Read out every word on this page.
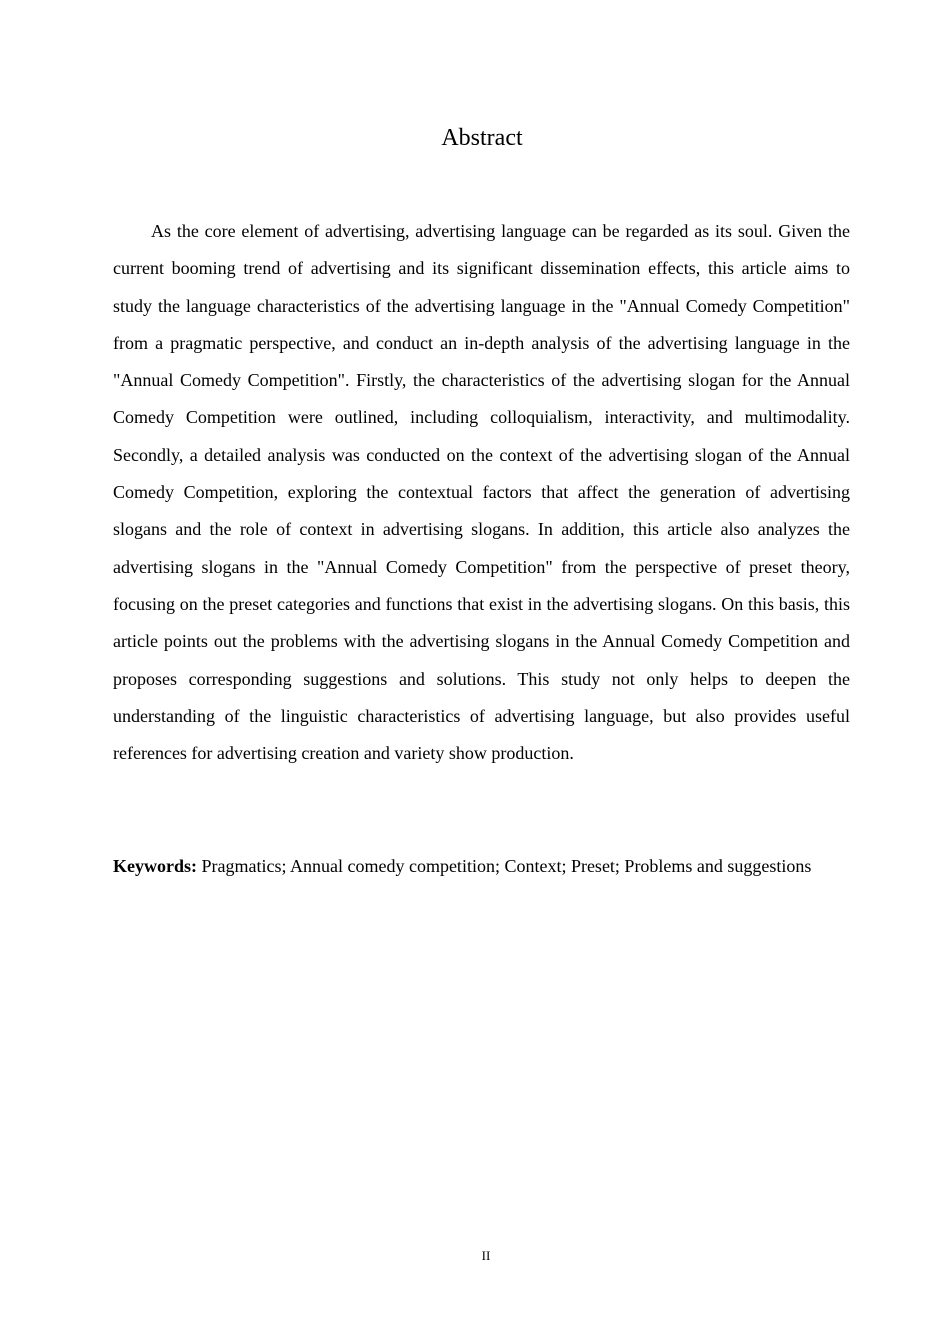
Abstract

As the core element of advertising, advertising language can be regarded as its soul. Given the current booming trend of advertising and its significant dissemination effects, this article aims to study the language characteristics of the advertising language in the "Annual Comedy Competition" from a pragmatic perspective, and conduct an in-depth analysis of the advertising language in the "Annual Comedy Competition". Firstly, the characteristics of the advertising slogan for the Annual Comedy Competition were outlined, including colloquialism, interactivity, and multimodality. Secondly, a detailed analysis was conducted on the context of the advertising slogan of the Annual Comedy Competition, exploring the contextual factors that affect the generation of advertising slogans and the role of context in advertising slogans. In addition, this article also analyzes the advertising slogans in the "Annual Comedy Competition" from the perspective of preset theory, focusing on the preset categories and functions that exist in the advertising slogans. On this basis, this article points out the problems with the advertising slogans in the Annual Comedy Competition and proposes corresponding suggestions and solutions. This study not only helps to deepen the understanding of the linguistic characteristics of advertising language, but also provides useful references for advertising creation and variety show production.

Keywords: Pragmatics; Annual comedy competition; Context; Preset; Problems and suggestions

II
